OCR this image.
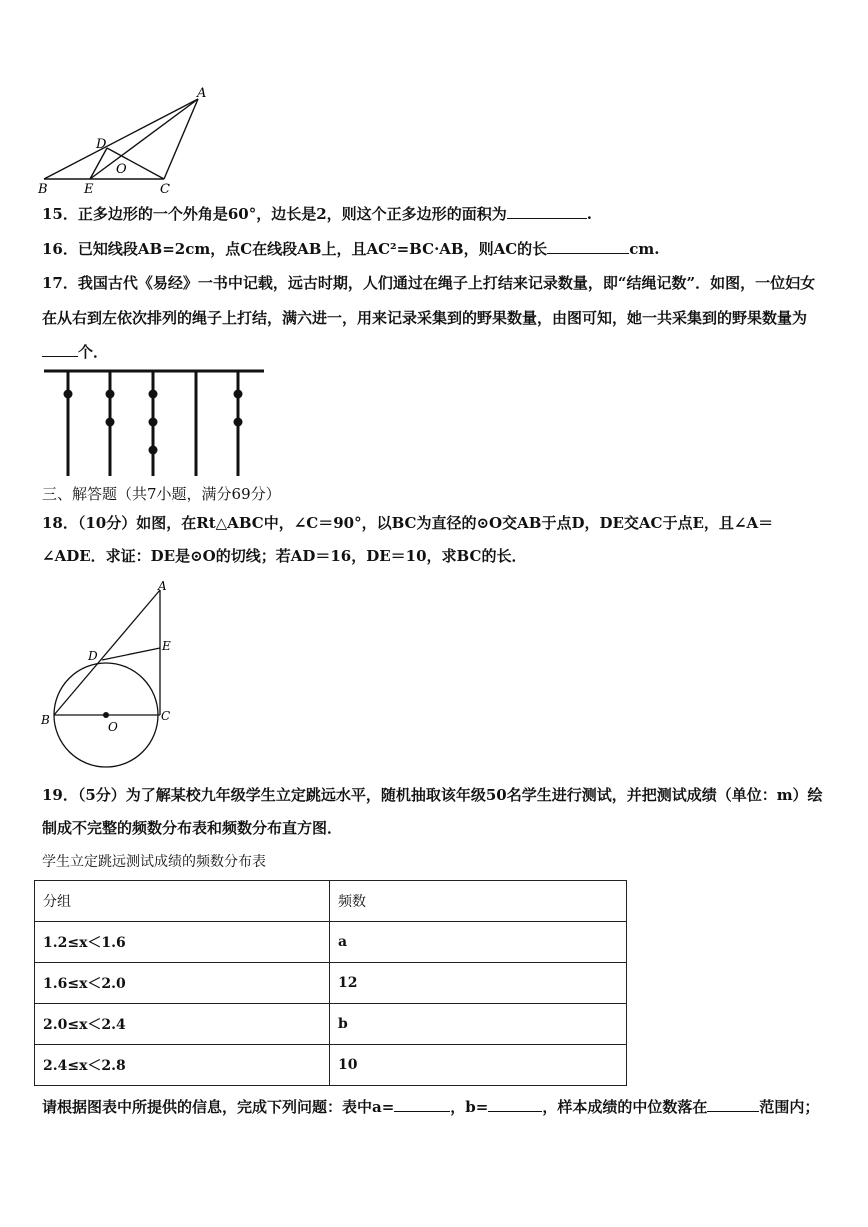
A
B	C
D
E
O
15．正多边形的一个外角是60°，边长是2，则这个正多边形的面积为	.
16．已知线段AB=2cm，点C在线段AB上，且AC²=BC·AB，则AC的长	cm.
17．我国古代《易经》一书中记载，远古时期，人们通过在绳子上打结来记录数量，即“结绳记数”．如图，一位妇女
在从右到左依次排列的绳子上打结，满六进一，用来记录采集到的野果数量，由图可知，她一共采集到的野果数量为
个．
三、解答题（共7小题，满分69分）
18．（10分）如图，在Rt△ABC中，∠C＝90°，以BC为直径的⊙O交AB于点D，DE交AC于点E，且∠A＝
∠ADE．求证：DE是⊙O的切线；若AD＝16，DE＝10，求BC的长．
A
B	C
D
E
O
19．（5分）为了解某校九年级学生立定跳远水平，随机抽取该年级50名学生进行测试，并把测试成绩（单位：m）绘
制成不完整的频数分布表和频数分布直方图．
学生立定跳远测试成绩的频数分布表
分组	频数
1.2≤x＜1.6	a
1.6≤x＜2.0	12
2.0≤x＜2.4	b
2.4≤x＜2.8	10
请根据图表中所提供的信息，完成下列问题：表中a=	，b=	，样本成绩的中位数落在	范围内；
